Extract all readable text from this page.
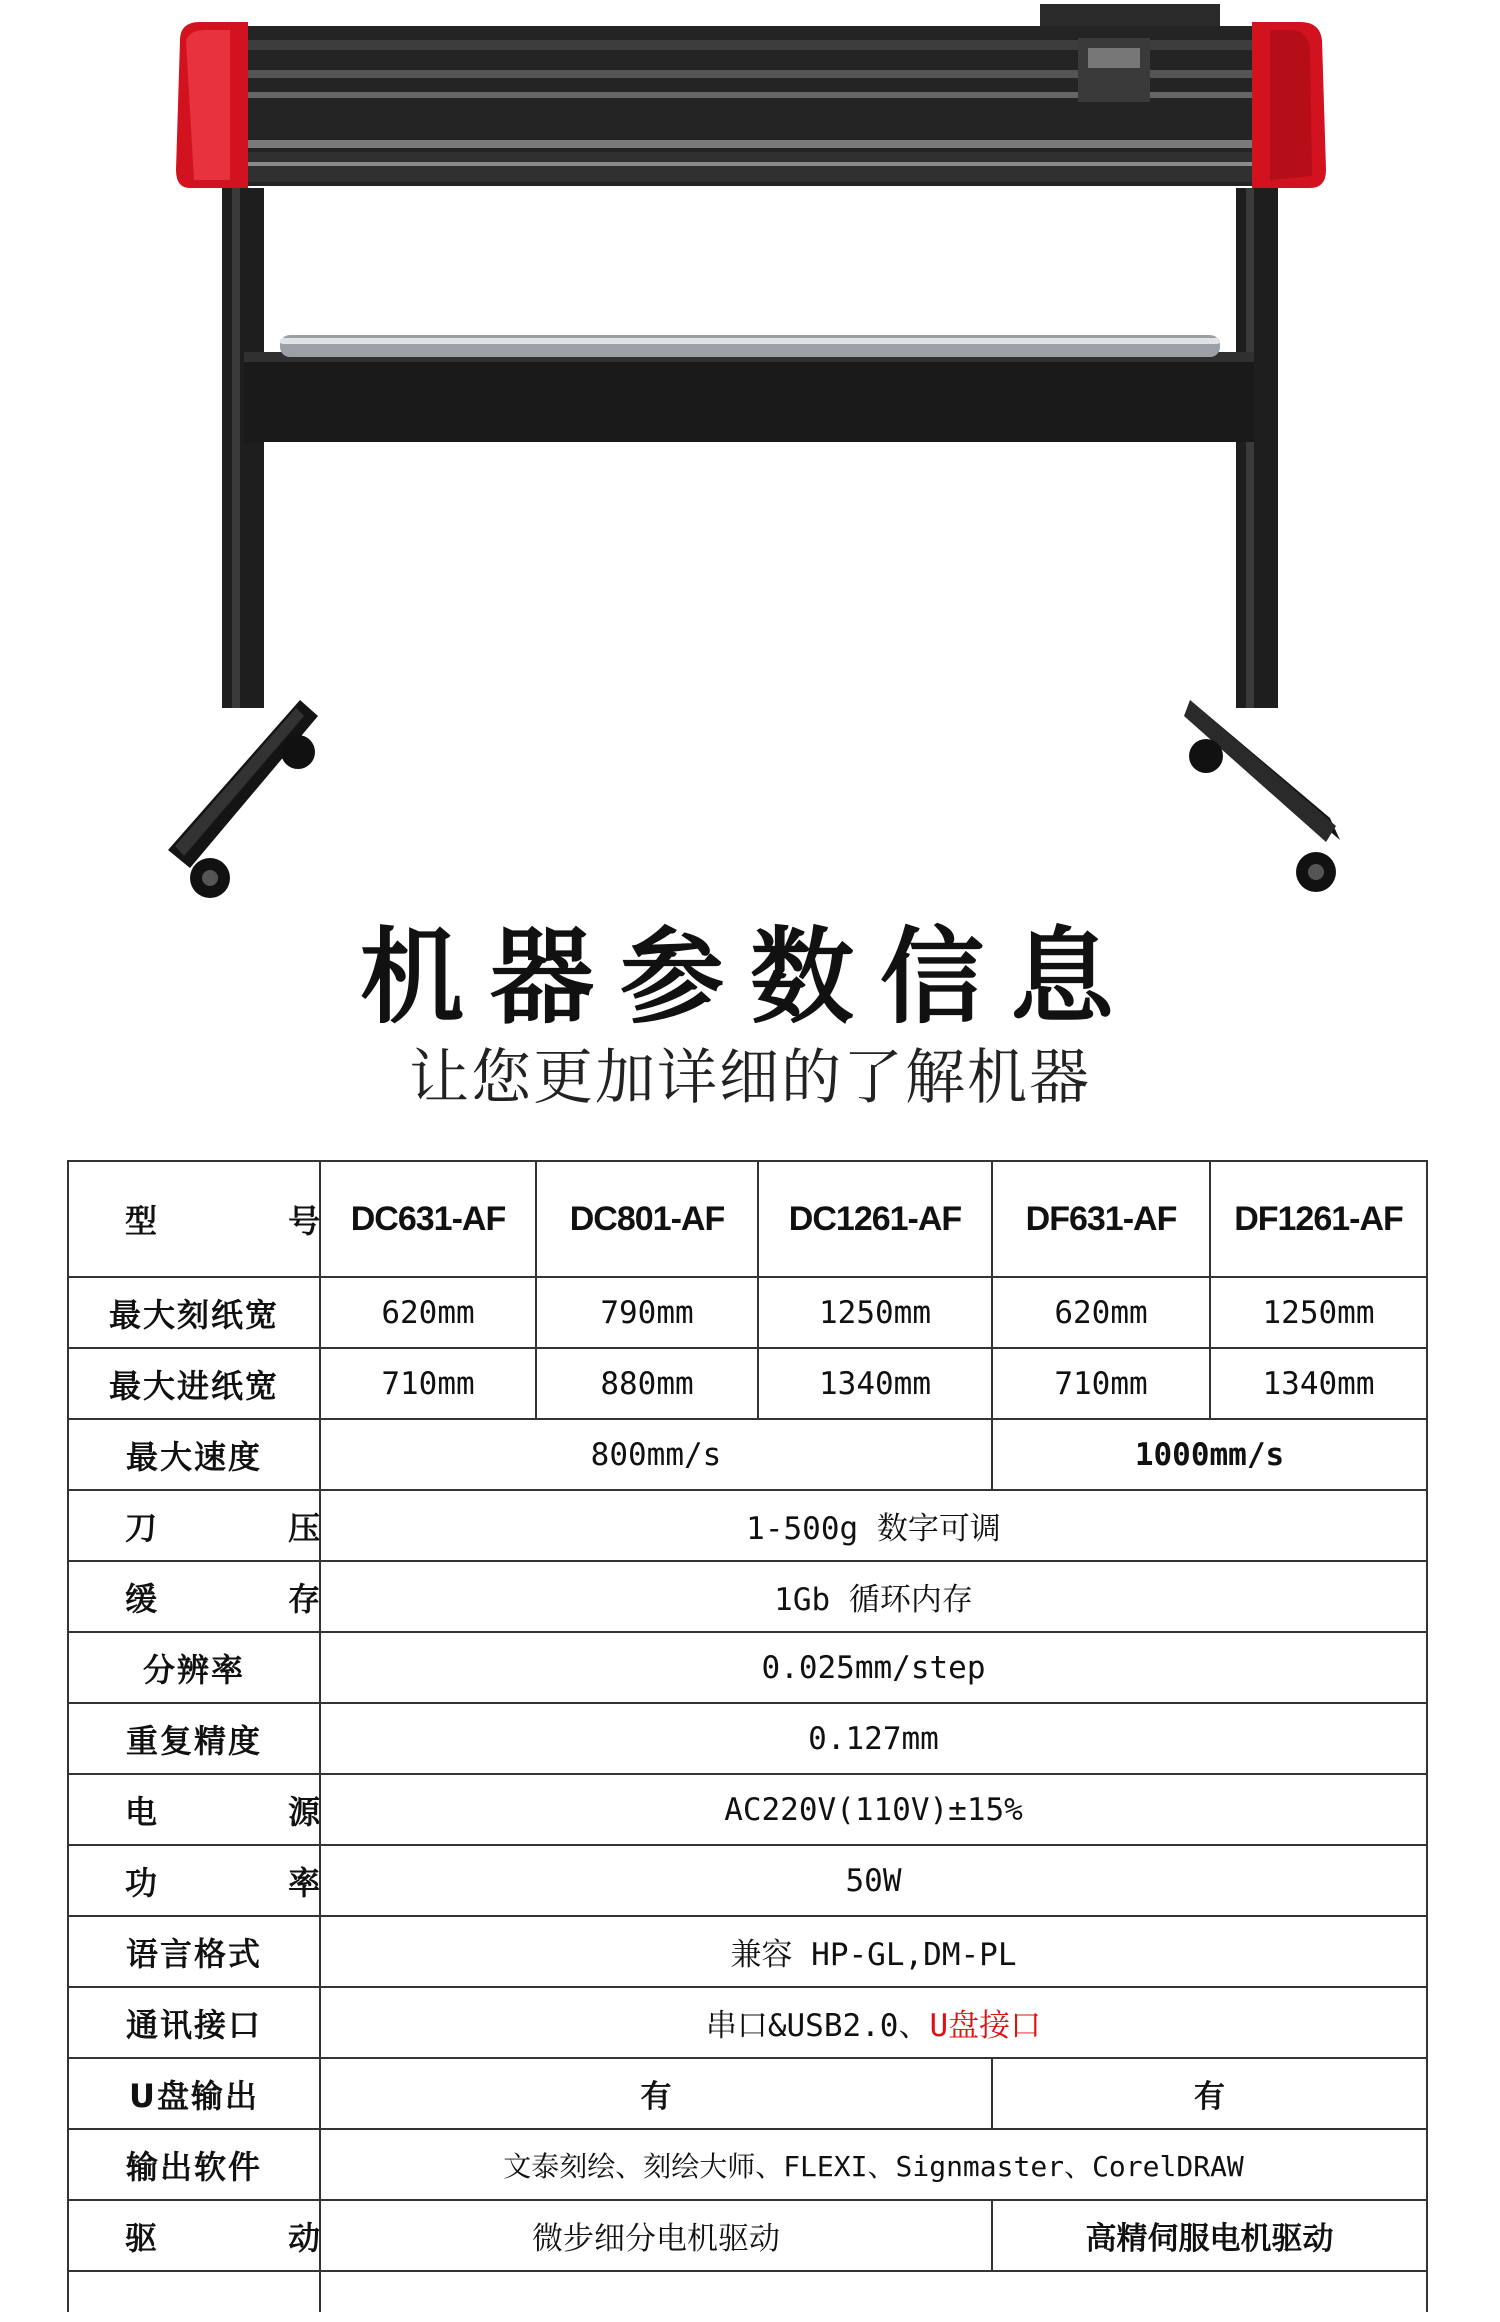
机器参数信息
让您更加详细的了解机器
型 号	DC631-AF	DC801-AF	DC1261-AF	DF631-AF	DF1261-AF
最大刻纸宽	620mm	790mm	1250mm	620mm	1250mm
最大进纸宽	710mm	880mm	1340mm	710mm	1340mm
最大速度	800mm/s			1000mm/s	
刀 压	1-500g 数字可调				
缓 存	1Gb 循环内存				
分辨率	0.025mm/step				
重复精度	0.127mm				
电 源	AC220V(110V)±15%				
功 率	50W				
语言格式	兼容 HP-GL,DM-PL				
通讯接口	串口&USB2.0、U盘接口				
U盘输出	有			有	
输出软件	文泰刻绘、刻绘大师、FLEXI、Signmaster、CorelDRAW				
驱 动	微步细分电机驱动			高精伺服电机驱动	
